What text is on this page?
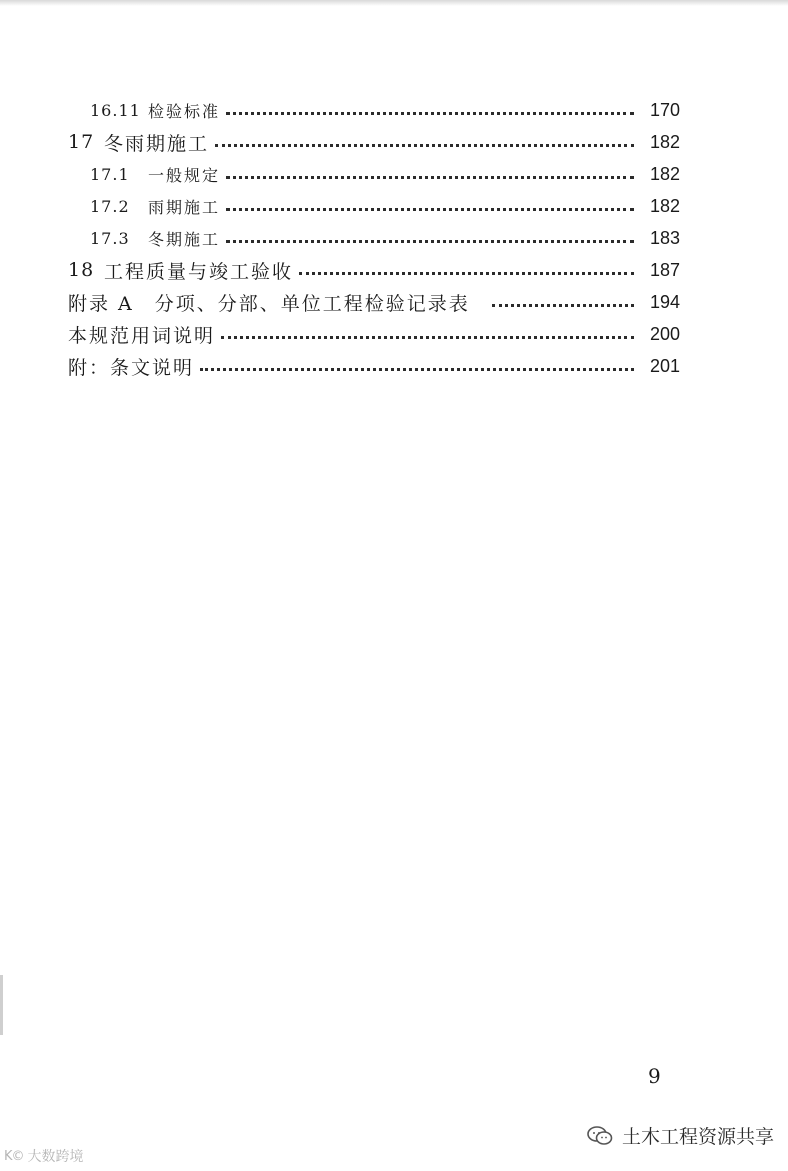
16.11 检验标准	170
17 冬雨期施工	182
17.1	一般规定	182
17.2	雨期施工	182
17.3	冬期施工	183
18 工程质量与竣工验收	187
附录 A　分项、分部、单位工程检验记录表	194
本规范用词说明	200
附：条文说明	201
9
K© 大数跨境
土木工程资源共享
